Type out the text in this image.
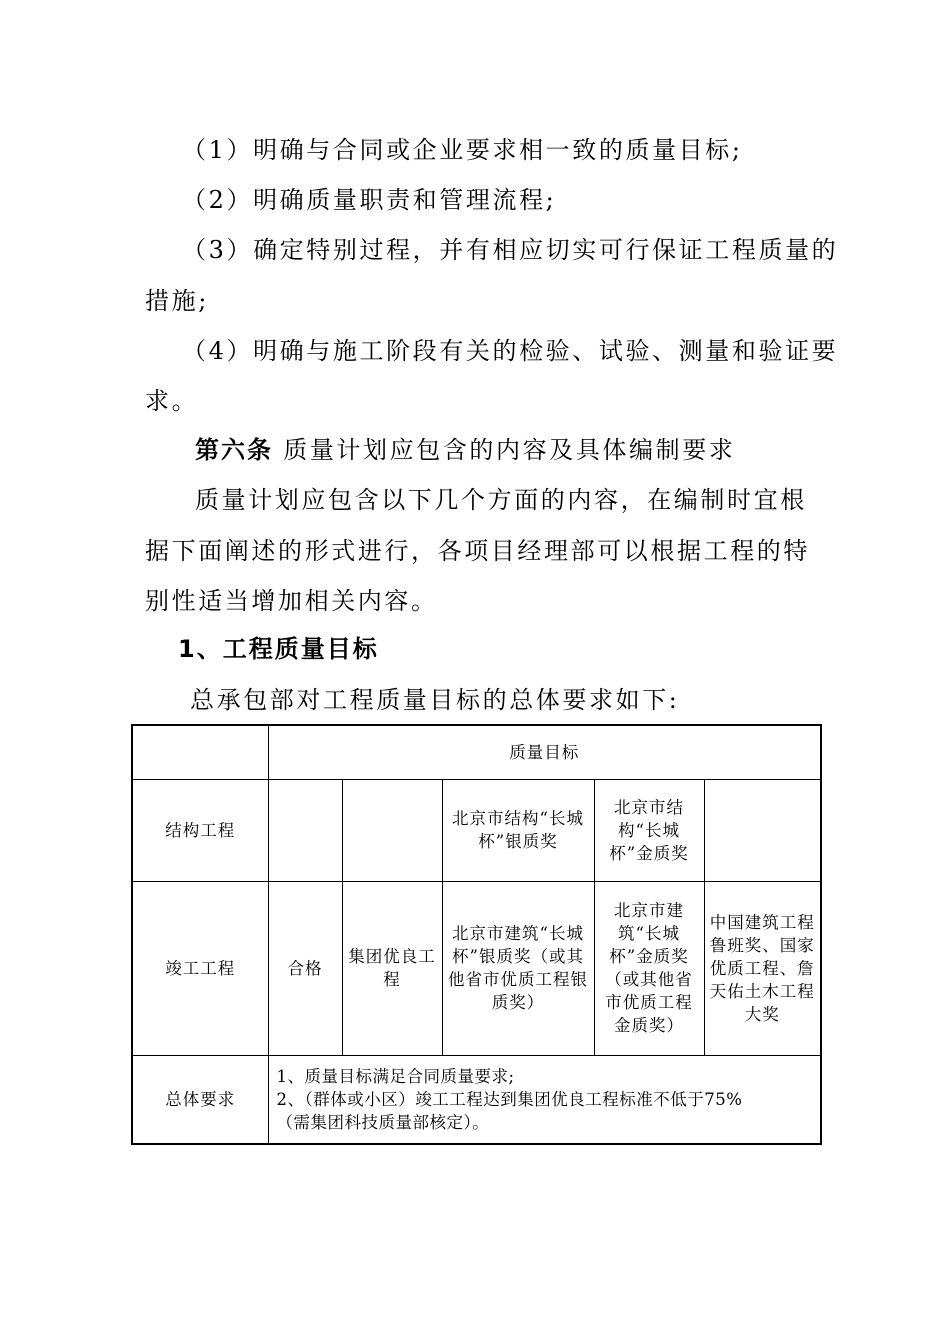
（1）明确与合同或企业要求相一致的质量目标;
（2）明确质量职责和管理流程;
（3）确定特别过程，并有相应切实可行保证工程质量的
措施;
（4）明确与施工阶段有关的检验、试验、测量和验证要
求。
第六条 质量计划应包含的内容及具体编制要求
质量计划应包含以下几个方面的内容，在编制时宜根
据下面阐述的形式进行，各项目经理部可以根据工程的特
别性适当增加相关内容。
1、工程质量目标
总承包部对工程质量目标的总体要求如下:
	质量目标				
结构工程			北京市结构“长城杯”银质奖	北京市结构“长城杯”金质奖	
竣工工程	合格	集团优良工程	北京市建筑“长城杯”银质奖（或其他省市优质工程银质奖）	北京市建筑“长城杯”金质奖（或其他省市优质工程金质奖）	中国建筑工程鲁班奖、国家优质工程、詹天佑土木工程大奖
总体要求	1、质量目标满足合同质量要求;
2、（群体或小区）竣工工程达到集团优良工程标准不低于75%
（需集团科技质量部核定）。				
